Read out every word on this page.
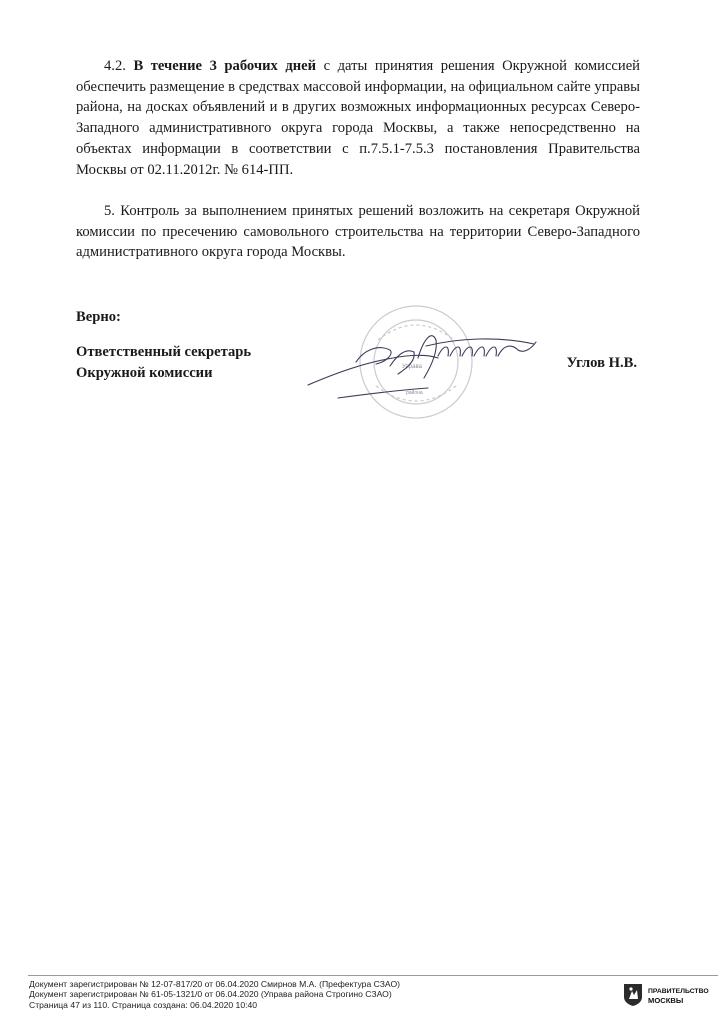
4.2. В течение 3 рабочих дней с даты принятия решения Окружной комиссией обеспечить размещение в средствах массовой информации, на официальном сайте управы района, на досках объявлений и в других возможных информационных ресурсах Северо-Западного административного округа города Москвы, а также непосредственно на объектах информации в соответствии с п.7.5.1-7.5.3 постановления Правительства Москвы от 02.11.2012г. № 614-ПП.

5. Контроль за выполнением принятых решений возложить на секретаря Окружной комиссии по пресечению самовольного строительства на территории Северо-Западного административного округа города Москвы.

Верно:
Ответственный секретарь
Окружной комиссии	Управа
района
Углов Н.В.
Документ зарегистрирован № 12-07-817/20 от 06.04.2020 Смирнов М.А. (Префектура СЗАО)
Документ зарегистрирован № 61-05-1321/0 от 06.04.2020 (Управа района Строгино СЗАО)
Страница 47 из 110. Страница создана: 06.04.2020 10:40
ПРАВИТЕЛЬСТВО
МОСКВЫ
